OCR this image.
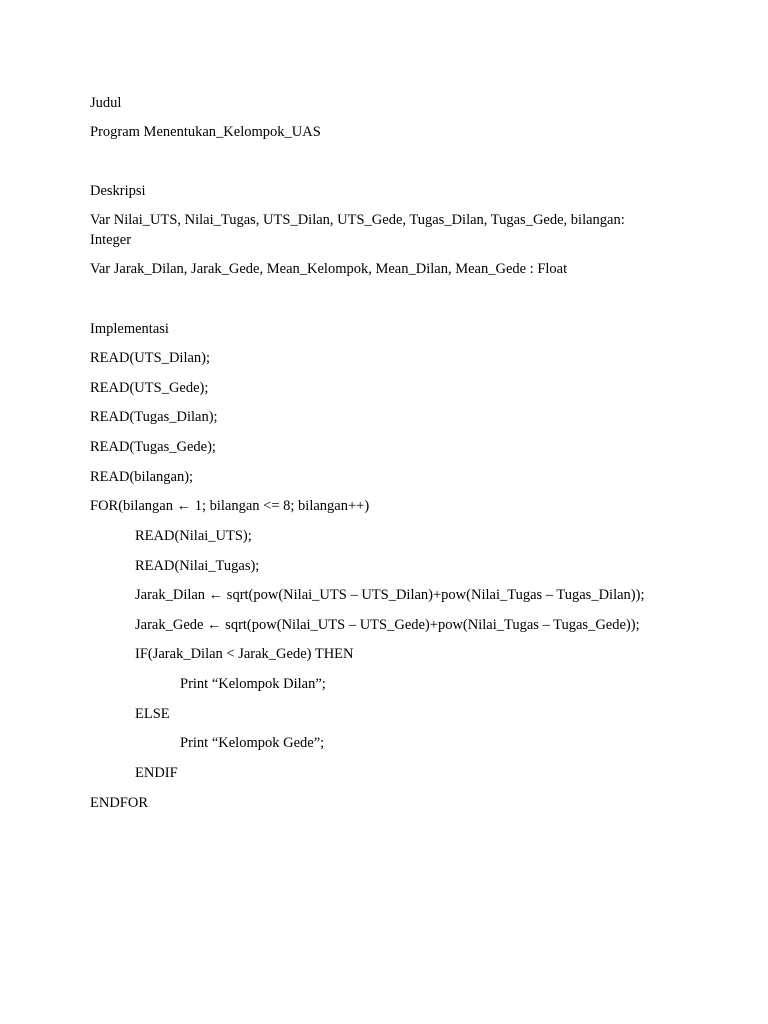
Judul
Program Menentukan_Kelompok_UAS
Deskripsi
Var Nilai_UTS, Nilai_Tugas, UTS_Dilan, UTS_Gede, Tugas_Dilan, Tugas_Gede, bilangan:
Integer
Var Jarak_Dilan, Jarak_Gede, Mean_Kelompok, Mean_Dilan, Mean_Gede : Float
Implementasi
READ(UTS_Dilan);
READ(UTS_Gede);
READ(Tugas_Dilan);
READ(Tugas_Gede);
READ(bilangan);
FOR(bilangan ← 1; bilangan <= 8; bilangan++)
READ(Nilai_UTS);
READ(Nilai_Tugas);
Jarak_Dilan ← sqrt(pow(Nilai_UTS – UTS_Dilan)+pow(Nilai_Tugas – Tugas_Dilan));
Jarak_Gede ← sqrt(pow(Nilai_UTS – UTS_Gede)+pow(Nilai_Tugas – Tugas_Gede));
IF(Jarak_Dilan < Jarak_Gede) THEN
Print “Kelompok Dilan”;
ELSE
Print “Kelompok Gede”;
ENDIF
ENDFOR
